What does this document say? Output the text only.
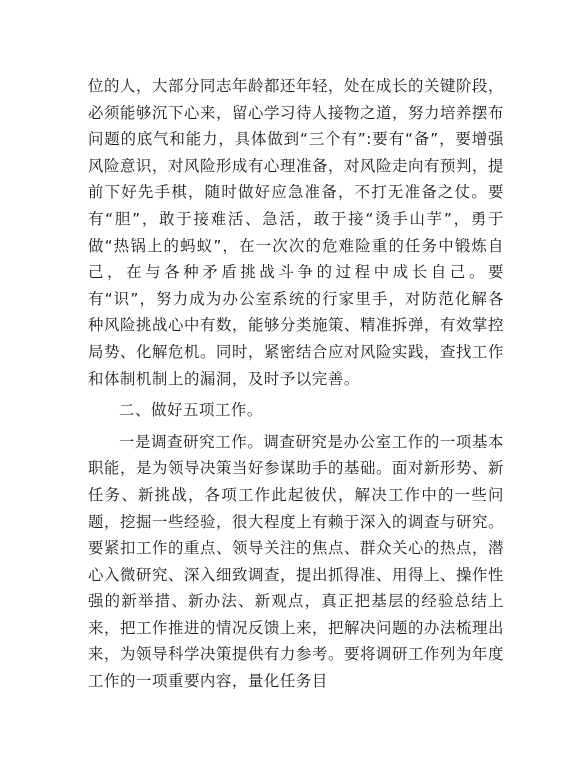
位的人，大部分同志年龄都还年轻，处在成长的关键阶段，必须能够沉下心来，留心学习待人接物之道，努力培养摆布问题的底气和能力，具体做到“三个有”:要有“备”，要增强风险意识，对风险形成有心理准备，对风险走向有预判，提前下好先手棋，随时做好应急准备，不打无准备之仗。要有“胆”，敢于接难活、急活，敢于接“烫手山芋”，勇于做“热锅上的蚂蚁”，在一次次的危难险重的任务中锻炼自己，在与各种矛盾挑战斗争的过程中成长自己。要有“识”，努力成为办公室系统的行家里手，对防范化解各种风险挑战心中有数，能够分类施策、精准拆弹，有效掌控局势、化解危机。同时，紧密结合应对风险实践，查找工作和体制机制上的漏洞，及时予以完善。

二、做好五项工作。

一是调查研究工作。调查研究是办公室工作的一项基本职能，是为领导决策当好参谋助手的基础。面对新形势、新任务、新挑战，各项工作此起彼伏，解决工作中的一些问题，挖掘一些经验，很大程度上有赖于深入的调查与研究。要紧扣工作的重点、领导关注的焦点、群众关心的热点，潜心入微研究、深入细致调查，提出抓得准、用得上、操作性强的新举措、新办法、新观点，真正把基层的经验总结上来，把工作推进的情况反馈上来，把解决问题的办法梳理出来，为领导科学决策提供有力参考。要将调研工作列为年度工作的一项重要内容，量化任务目
